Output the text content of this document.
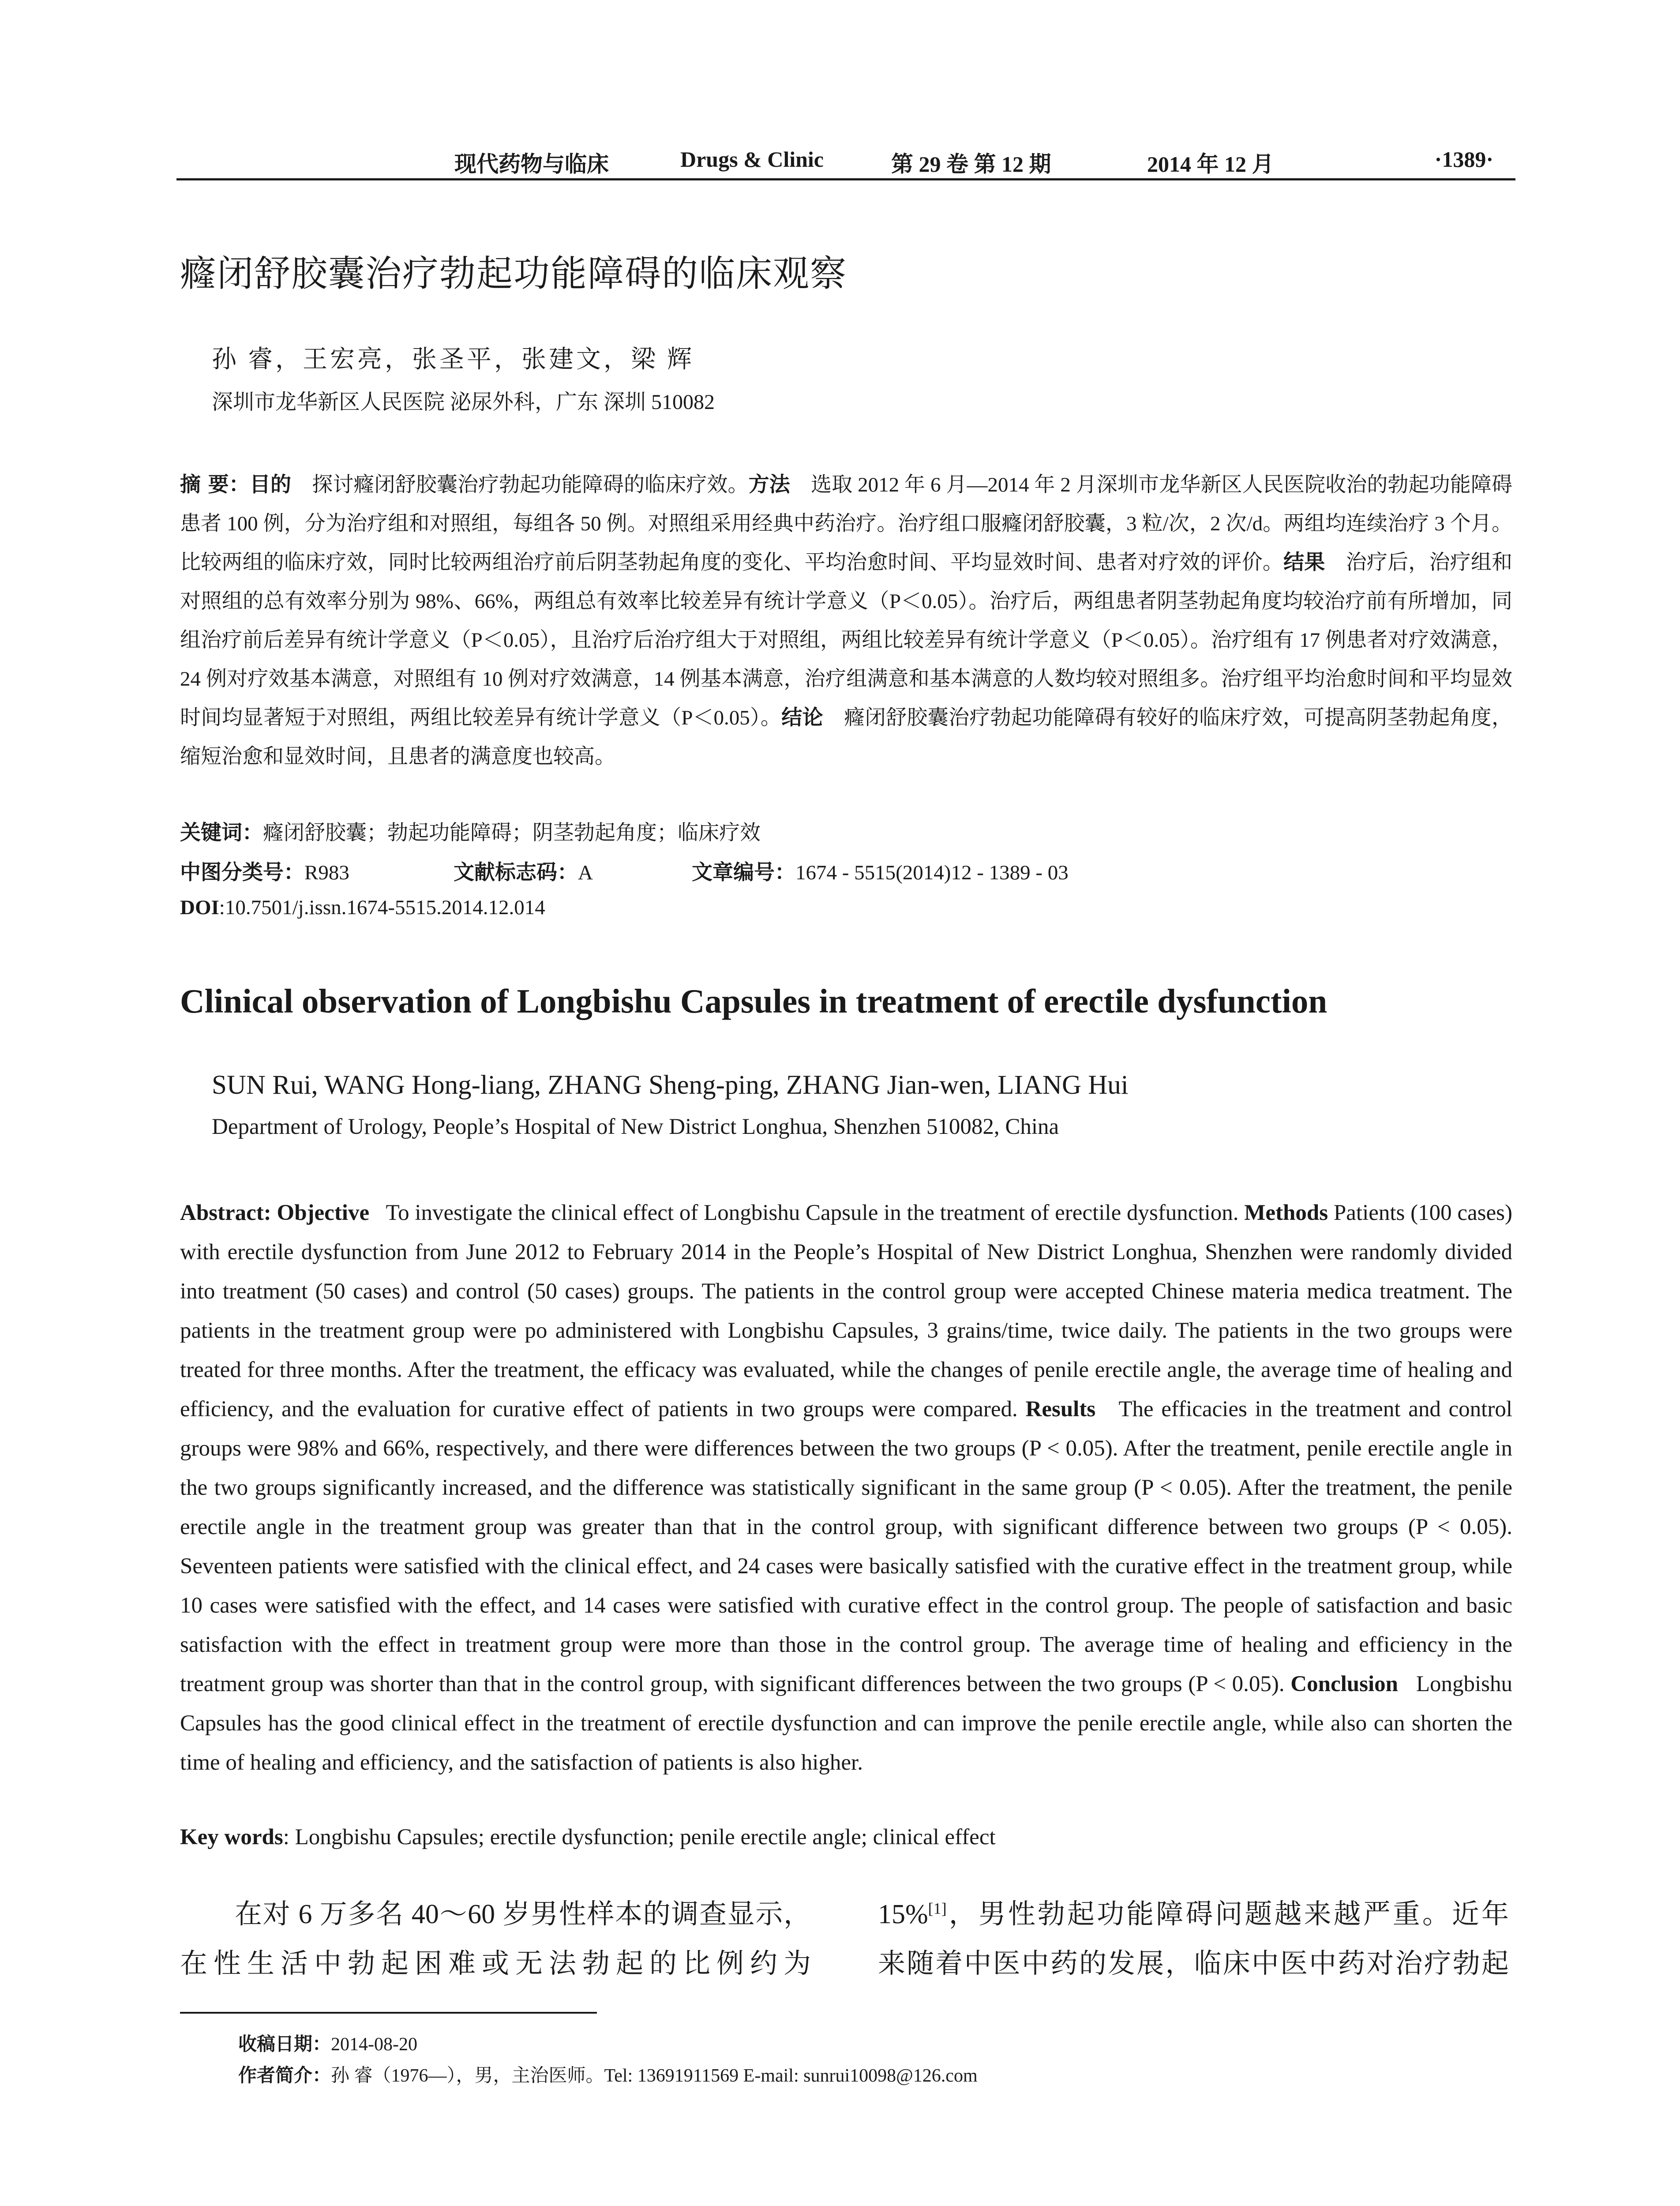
现代药物与临床	Drugs & Clinic	第 29 卷 第 12 期	2014 年 12 月	·1389·
癃闭舒胶囊治疗勃起功能障碍的临床观察
孙 睿，王宏亮，张圣平，张建文，梁 辉
深圳市龙华新区人民医院 泌尿外科，广东 深圳 510082
摘 要：目的　 探讨癃闭舒胶囊治疗勃起功能障碍的临床疗效。方法　 选取 2012 年 6 月—2014 年 2 月深圳市龙华新区人民医院收治的勃起功能障碍患者 100 例，分为治疗组和对照组，每组各 50 例。对照组采用经典中药治疗。治疗组口服癃闭舒胶囊，3 粒/次，2 次/d。两组均连续治疗 3 个月。比较两组的临床疗效，同时比较两组治疗前后阴茎勃起角度的变化、平均治愈时间、平均显效时间、患者对疗效的评价。结果　 治疗后，治疗组和对照组的总有效率分别为 98%、66%，两组总有效率比较差异有统计学意义（P＜0.05）。治疗后，两组患者阴茎勃起角度均较治疗前有所增加，同组治疗前后差异有统计学意义（P＜0.05），且治疗后治疗组大于对照组，两组比较差异有统计学意义（P＜0.05）。治疗组有 17 例患者对疗效满意，24 例对疗效基本满意，对照组有 10 例对疗效满意，14 例基本满意，治疗组满意和基本满意的人数均较对照组多。治疗组平均治愈时间和平均显效时间均显著短于对照组，两组比较差异有统计学意义（P＜0.05）。结论　 癃闭舒胶囊治疗勃起功能障碍有较好的临床疗效，可提高阴茎勃起角度，缩短治愈和显效时间，且患者的满意度也较高。
关键词：癃闭舒胶囊；勃起功能障碍；阴茎勃起角度；临床疗效
中图分类号：R983	文献标志码：A	文章编号：1674 - 5515(2014)12 - 1389 - 03
DOI:10.7501/j.issn.1674-5515.2014.12.014
Clinical observation of Longbishu Capsules in treatment of erectile dysfunction
SUN Rui, WANG Hong-liang, ZHANG Sheng-ping, ZHANG Jian-wen, LIANG Hui
Department of Urology, People’s Hospital of New District Longhua, Shenzhen 510082, China
Abstract: Objective To investigate the clinical effect of Longbishu Capsule in the treatment of erectile dysfunction. Methods Patients (100 cases) with erectile dysfunction from June 2012 to February 2014 in the People’s Hospital of New District Longhua, Shenzhen were randomly divided into treatment (50 cases) and control (50 cases) groups. The patients in the control group were accepted Chinese materia medica treatment. The patients in the treatment group were po administered with Longbishu Capsules, 3 grains/time, twice daily. The patients in the two groups were treated for three months. After the treatment, the efficacy was evaluated, while the changes of penile erectile angle, the average time of healing and efficiency, and the evaluation for curative effect of patients in two groups were compared. Results The efficacies in the treatment and control groups were 98% and 66%, respectively, and there were differences between the two groups (P < 0.05). After the treatment, penile erectile angle in the two groups significantly increased, and the difference was statistically significant in the same group (P < 0.05). After the treatment, the penile erectile angle in the treatment group was greater than that in the control group, with significant difference between two groups (P < 0.05). Seventeen patients were satisfied with the clinical effect, and 24 cases were basically satisfied with the curative effect in the treatment group, while 10 cases were satisfied with the effect, and 14 cases were satisfied with curative effect in the control group. The people of satisfaction and basic satisfaction with the effect in treatment group were more than those in the control group. The average time of healing and efficiency in the treatment group was shorter than that in the control group, with significant differences between the two groups (P < 0.05). Conclusion Longbishu Capsules has the good clinical effect in the treatment of erectile dysfunction and can improve the penile erectile angle, while also can shorten the time of healing and efficiency, and the satisfaction of patients is also higher.
Key words: Longbishu Capsules; erectile dysfunction; penile erectile angle; clinical effect
在对 6 万多名 40～60 岁男性样本的调查显示，
在性生活中勃起困难或无法勃起的比例约为
15%[1]，男性勃起功能障碍问题越来越严重。近年
来随着中医中药的发展，临床中医中药对治疗勃起
收稿日期：2014-08-20
作者简介：孙 睿（1976—），男，主治医师。Tel: 13691911569 E-mail: sunrui10098@126.com
